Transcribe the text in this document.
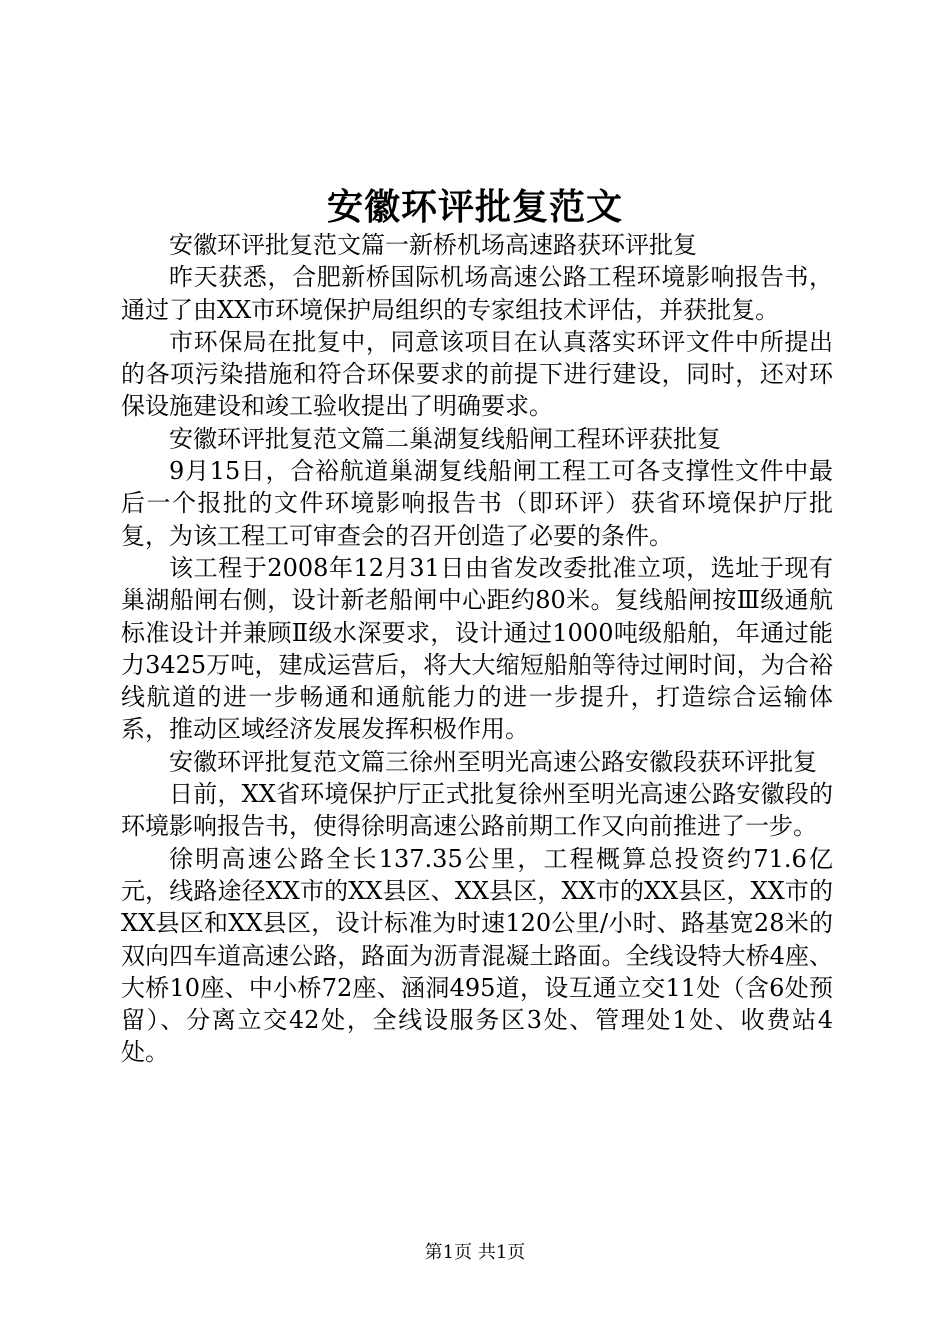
安徽环评批复范文

安徽环评批复范文篇一新桥机场高速路获环评批复

昨天获悉，合肥新桥国际机场高速公路工程环境影响报告书，通过了由XX市环境保护局组织的专家组技术评估，并获批复。

市环保局在批复中，同意该项目在认真落实环评文件中所提出的各项污染措施和符合环保要求的前提下进行建设，同时，还对环保设施建设和竣工验收提出了明确要求。

安徽环评批复范文篇二巢湖复线船闸工程环评获批复

9月15日，合裕航道巢湖复线船闸工程工可各支撑性文件中最后一个报批的文件环境影响报告书（即环评）获省环境保护厅批复，为该工程工可审查会的召开创造了必要的条件。

该工程于2008年12月31日由省发改委批准立项，选址于现有巢湖船闸右侧，设计新老船闸中心距约80米。复线船闸按Ⅲ级通航标准设计并兼顾Ⅱ级水深要求，设计通过1000吨级船舶，年通过能力3425万吨，建成运营后，将大大缩短船舶等待过闸时间，为合裕线航道的进一步畅通和通航能力的进一步提升，打造综合运输体系，推动区域经济发展发挥积极作用。

安徽环评批复范文篇三徐州至明光高速公路安徽段获环评批复

日前，XX省环境保护厅正式批复徐州至明光高速公路安徽段的环境影响报告书，使得徐明高速公路前期工作又向前推进了一步。

徐明高速公路全长137.35公里，工程概算总投资约71.6亿元，线路途径XX市的XX县区、XX县区，XX市的XX县区，XX市的XX县区和XX县区，设计标准为时速120公里/小时、路基宽28米的双向四车道高速公路，路面为沥青混凝土路面。全线设特大桥4座、大桥10座、中小桥72座、涵洞495道，设互通立交11处（含6处预留）、分离立交42处，全线设服务区3处、管理处1处、收费站4处。

第1页 共1页
